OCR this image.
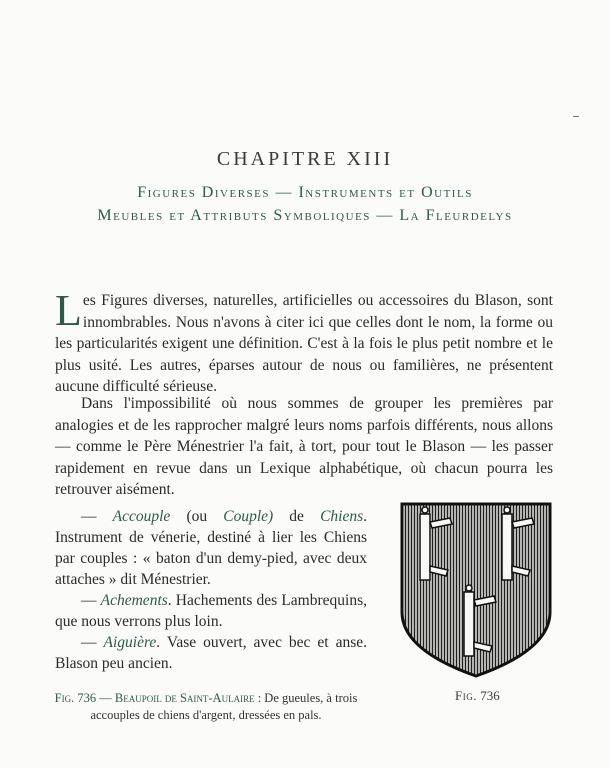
CHAPITRE XIII
Figures Diverses — Instruments et Outils
Meubles et Attributs Symboliques — La Fleurdelys
Les Figures diverses, naturelles, artificielles ou accessoires du Blason, sont innombrables. Nous n'avons à citer ici que celles dont le nom, la forme ou les particularités exigent une définition. C'est à la fois le plus petit nombre et le plus usité. Les autres, éparses autour de nous ou familières, ne présentent aucune difficulté sérieuse.
Dans l'impossibilité où nous sommes de grouper les premières par analogies et de les rapprocher malgré leurs noms parfois différents, nous allons — comme le Père Ménestrier l'a fait, à tort, pour tout le Blason — les passer rapidement en revue dans un Lexique alphabétique, où chacun pourra les retrouver aisément.

— Accouple (ou Couple) de Chiens. Instrument de vénerie, destiné à lier les Chiens par couples : « baton d'un demy-pied, avec deux attaches » dit Ménestrier.

— Achements. Hachements des Lambrequins, que nous verrons plus loin.

— Aiguière. Vase ouvert, avec bec et anse. Blason peu ancien.

Fig. 736
Fig. 736 — Beaupoil de Saint-Aulaire : De gueules, à trois accouples de chiens d'argent, dressées en pals.
